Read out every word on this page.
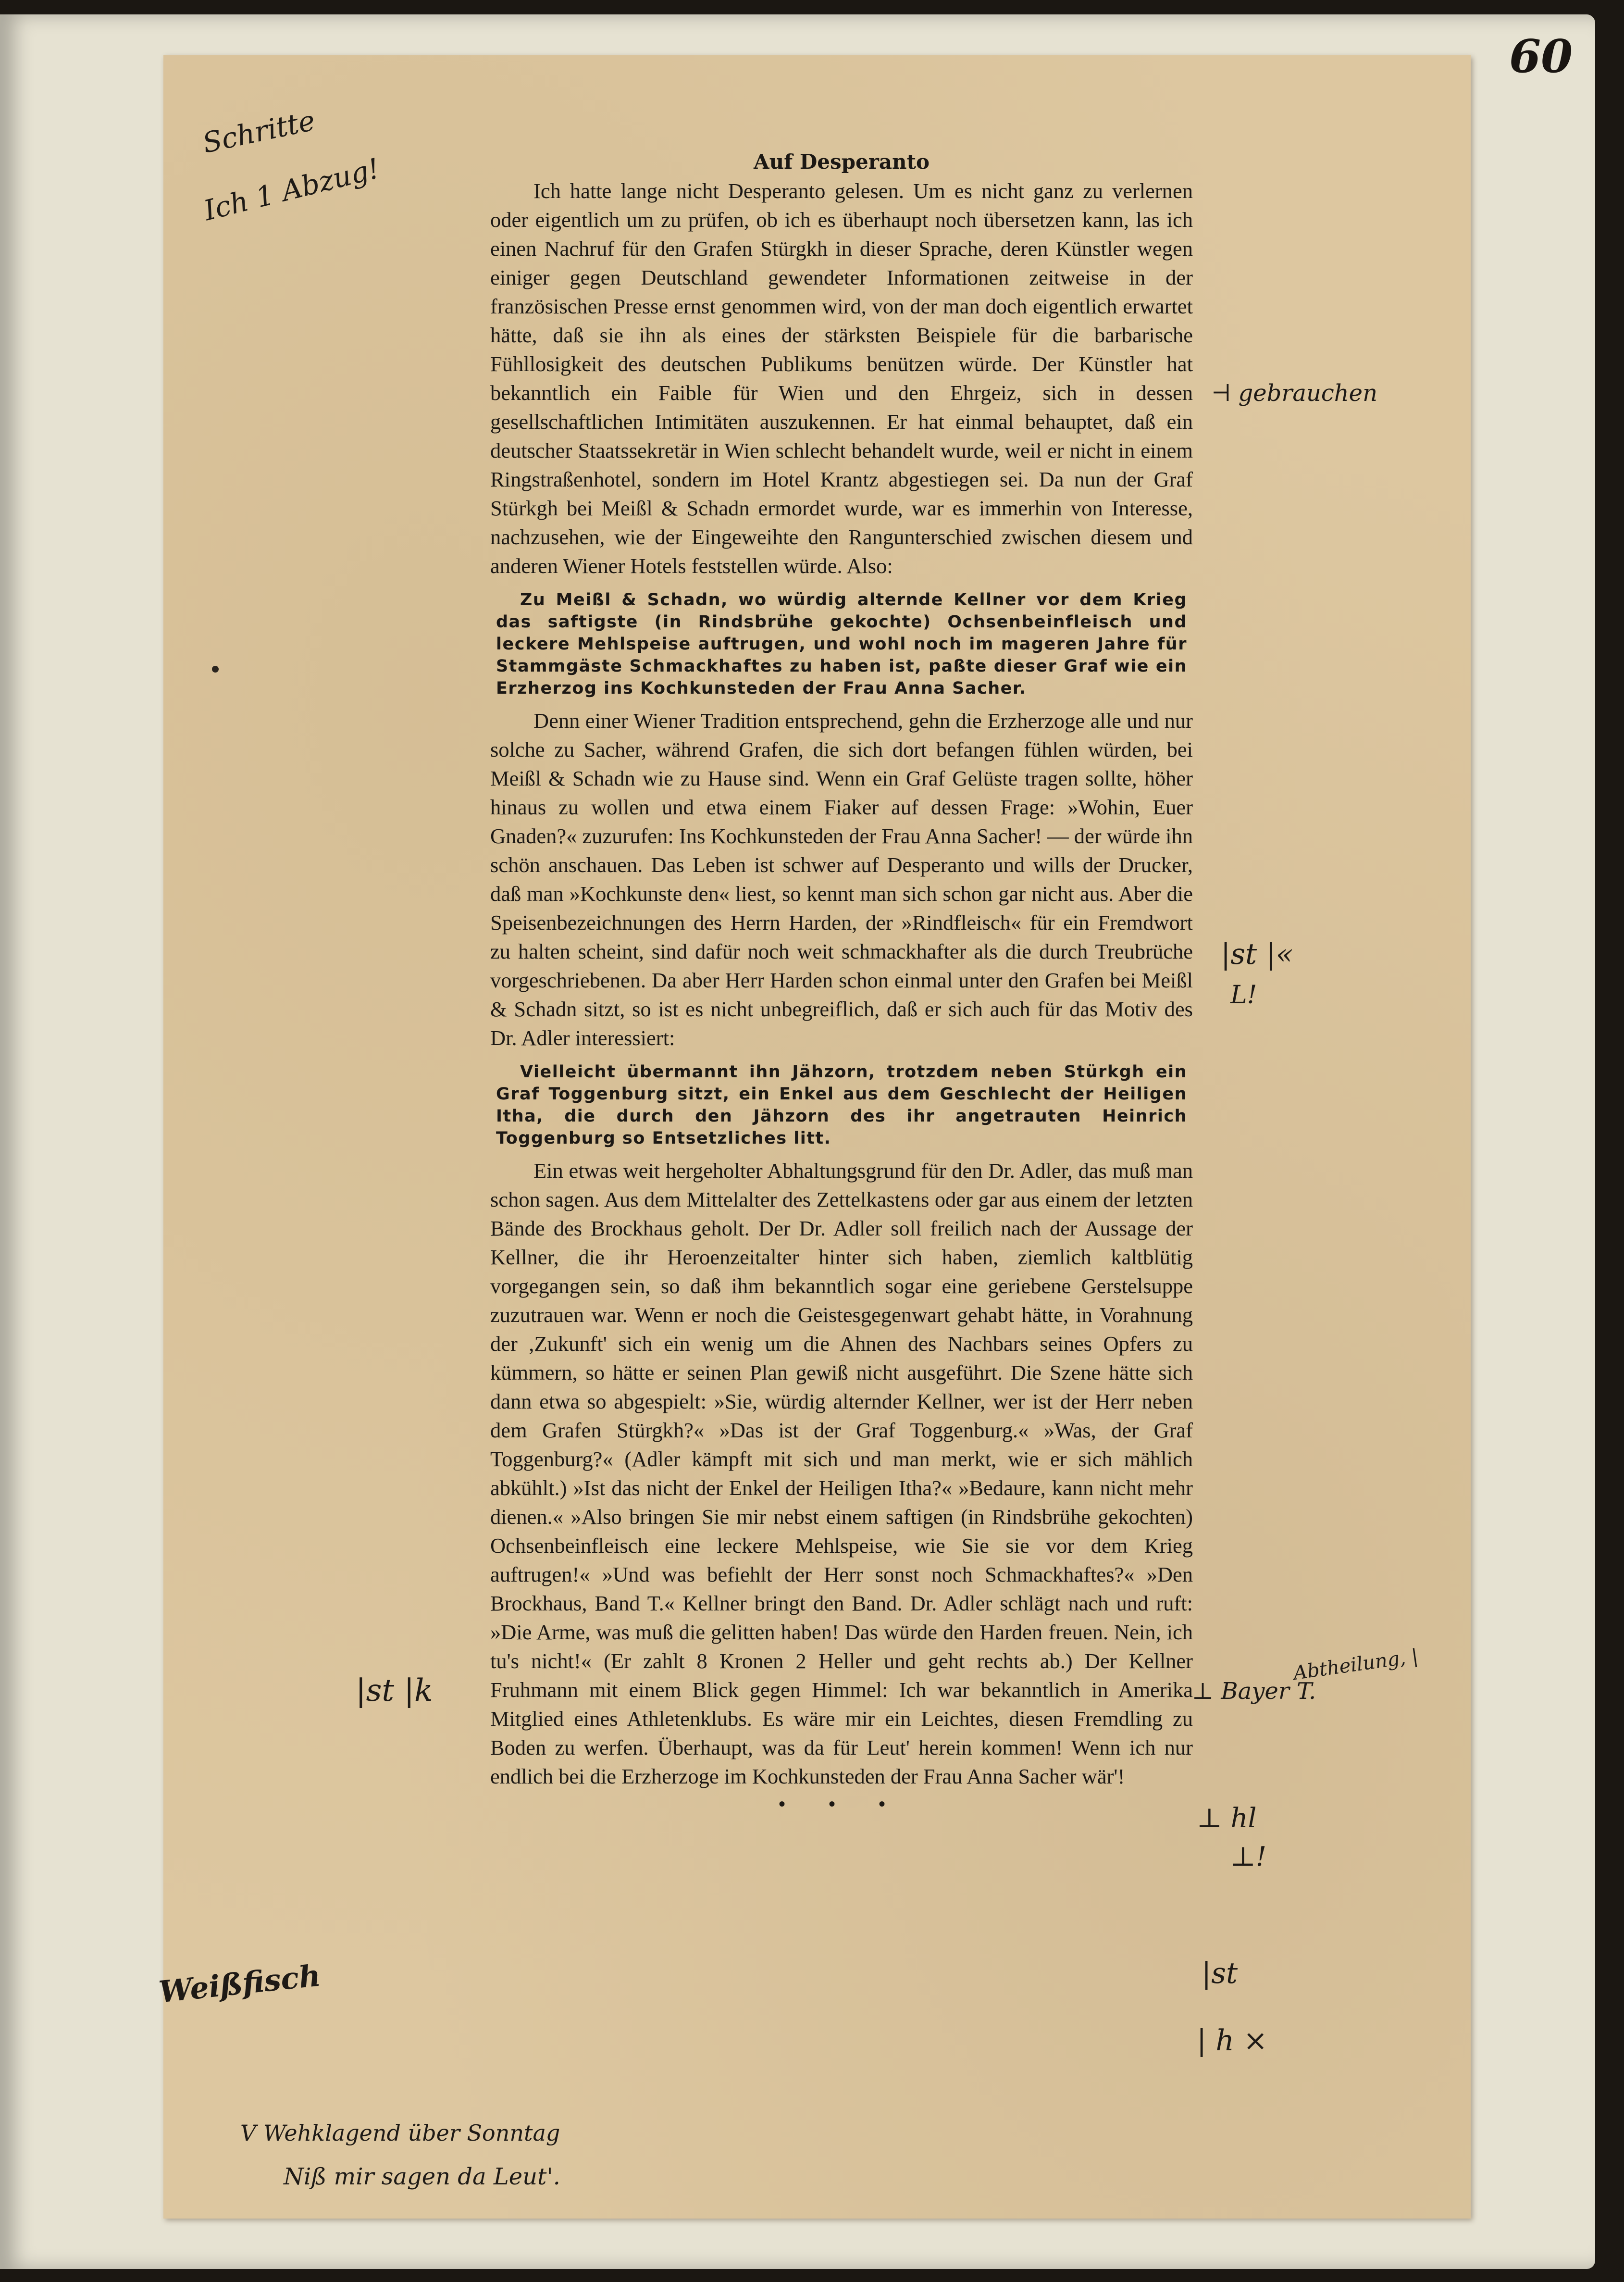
60

Auf Desperanto

Ich hatte lange nicht Desperanto gelesen. Um es nicht ganz zu verlernen oder eigentlich um zu prüfen, ob ich es überhaupt noch übersetzen kann, las ich einen Nachruf für den Grafen Stürgkh in dieser Sprache, deren Künstler wegen einiger gegen Deutschland gewendeter Informationen zeitweise in der französischen Presse ernst genommen wird, von der man doch eigentlich erwartet hätte, daß sie ihn als eines der stärksten Beispiele für die barbarische Fühllosigkeit des deutschen Publikums benützen würde. Der Künstler hat bekanntlich ein Faible für Wien und den Ehrgeiz, sich in dessen gesellschaftlichen Intimitäten auszukennen. Er hat einmal behauptet, daß ein deutscher Staatssekretär in Wien schlecht behandelt wurde, weil er nicht in einem Ringstraßenhotel, sondern im Hotel Krantz abgestiegen sei. Da nun der Graf Stürkgh bei Meißl & Schadn ermordet wurde, war es immerhin von Interesse, nachzusehen, wie der Eingeweihte den Rangunterschied zwischen diesem und anderen Wiener Hotels feststellen würde. Also:

Zu Meißl & Schadn, wo würdig alternde Kellner vor dem Krieg das saftigste (in Rindsbrühe gekochte) Ochsenbeinfleisch und leckere Mehlspeise auftrugen, und wohl noch im mageren Jahre für Stammgäste Schmackhaftes zu haben ist, paßte dieser Graf wie ein Erzherzog ins Kochkunsteden der Frau Anna Sacher.

Denn einer Wiener Tradition entsprechend, gehn die Erzherzoge alle und nur solche zu Sacher, während Grafen, die sich dort befangen fühlen würden, bei Meißl & Schadn wie zu Hause sind. Wenn ein Graf Gelüste tragen sollte, höher hinaus zu wollen und etwa einem Fiaker auf dessen Frage: »Wohin, Euer Gnaden?« zuzurufen: Ins Kochkunsteden der Frau Anna Sacher! — der würde ihn schön anschauen. Das Leben ist schwer auf Desperanto und wills der Drucker, daß man »Kochkunste den« liest, so kennt man sich schon gar nicht aus. Aber die Speisenbezeichnungen des Herrn Harden, der »Rindfleisch« für ein Fremdwort zu halten scheint, sind dafür noch weit schmackhafter als die durch Treubrüche vorgeschriebenen. Da aber Herr Harden schon einmal unter den Grafen bei Meißl & Schadn sitzt, so ist es nicht unbegreiflich, daß er sich auch für das Motiv des Dr. Adler interessiert:

Vielleicht übermannt ihn Jähzorn, trotzdem neben Stürkgh ein Graf Toggenburg sitzt, ein Enkel aus dem Geschlecht der Heiligen Itha, die durch den Jähzorn des ihr angetrauten Heinrich Toggenburg so Entsetzliches litt.

Ein etwas weit hergeholter Abhaltungsgrund für den Dr. Adler, das muß man schon sagen. Aus dem Mittelalter des Zettelkastens oder gar aus einem der letzten Bände des Brockhaus geholt. Der Dr. Adler soll freilich nach der Aussage der Kellner, die ihr Heroenzeitalter hinter sich haben, ziemlich kaltblütig vorgegangen sein, so daß ihm bekanntlich sogar eine geriebene Gerstelsuppe zuzutrauen war. Wenn er noch die Geistesgegenwart gehabt hätte, in Vorahnung der ,Zukunft' sich ein wenig um die Ahnen des Nachbars seines Opfers zu kümmern, so hätte er seinen Plan gewiß nicht ausgeführt. Die Szene hätte sich dann etwa so abgespielt: »Sie, würdig alternder Kellner, wer ist der Herr neben dem Grafen Stürgkh?« »Das ist der Graf Toggenburg.« »Was, der Graf Toggenburg?« (Adler kämpft mit sich und man merkt, wie er sich mählich abkühlt.) »Ist das nicht der Enkel der Heiligen Itha?« »Bedaure, kann nicht mehr dienen.« »Also bringen Sie mir nebst einem saftigen (in Rindsbrühe gekochten) Ochsenbeinfleisch eine leckere Mehlspeise, wie Sie sie vor dem Krieg auftrugen!« »Und was befiehlt der Herr sonst noch Schmackhaftes?« »Den Brockhaus, Band T.« Kellner bringt den Band. Dr. Adler schlägt nach und ruft: »Die Arme, was muß die gelitten haben! Das würde den Harden freuen. Nein, ich tu's nicht!« (Er zahlt 8 Kronen 2 Heller und geht rechts ab.) Der Kellner Fruhmann mit einem Blick gegen Himmel: Ich war bekanntlich in Amerika Mitglied eines Athletenklubs. Es wäre mir ein Leichtes, diesen Fremdling zu Boden zu werfen. Überhaupt, was da für Leut' herein kommen! Wenn ich nur endlich bei die Erzherzoge im Kochkunsteden der Frau Anna Sacher wär'!

• • •
Schritte
Ich 1 Abzug!
⊣ gebrauchen
|st |«
L!
Abtheilung, |
⊥ Bayer T.
⊥ hl
⊥!
|st
| h ×
|st |k
Weißfisch
V Wehklagend über Sonntag
Niß mir sagen da Leut'.
